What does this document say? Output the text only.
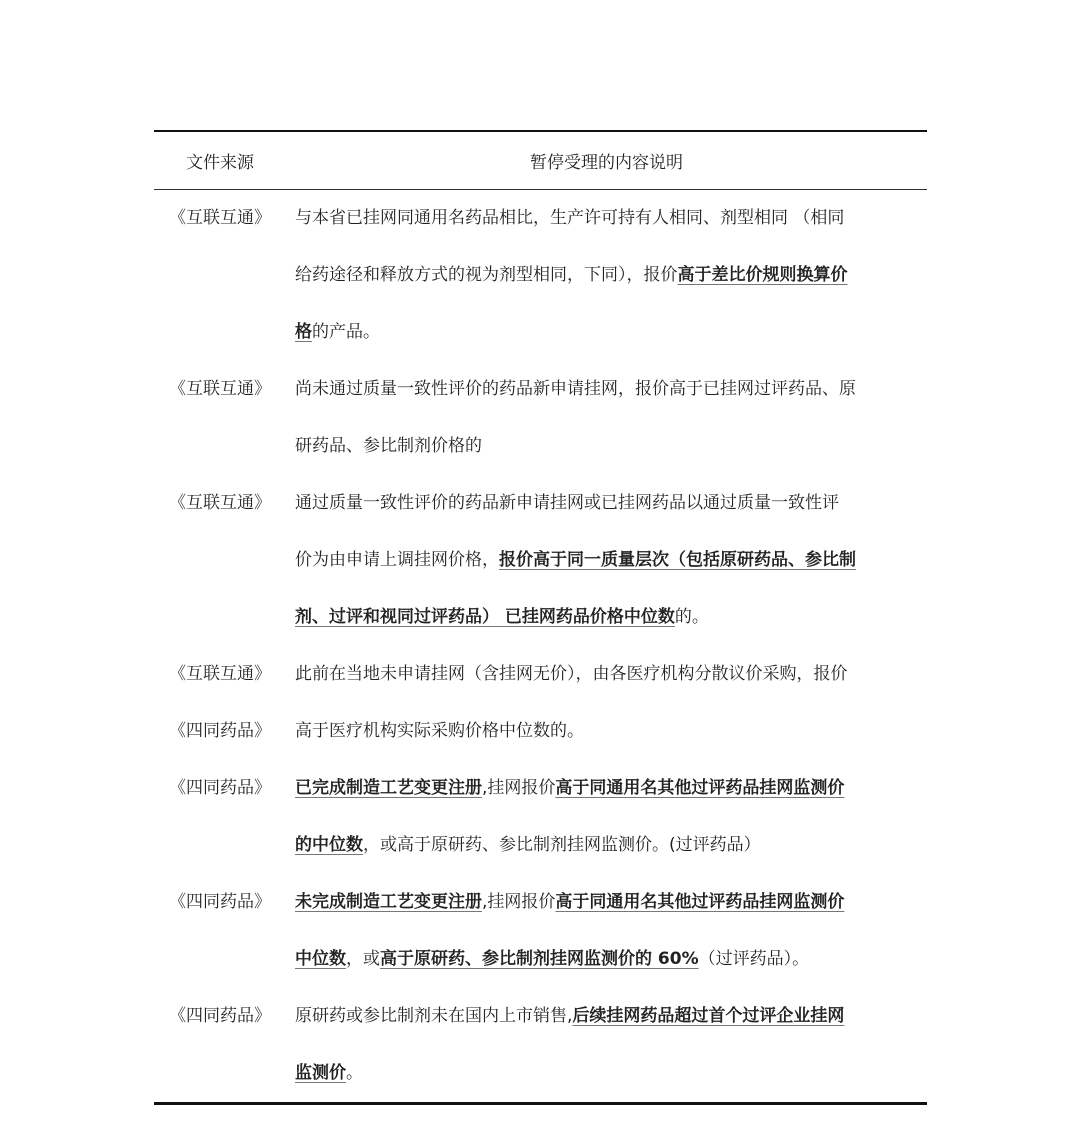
文件来源	暂停受理的内容说明
《互联互通》	与本省已挂网同通用名药品相比，生产许可持有人相同、剂型相同 （相同
给药途径和释放方式的视为剂型相同，下同），报价高于差比价规则换算价
格的产品。
《互联互通》	尚未通过质量一致性评价的药品新申请挂网，报价高于已挂网过评药品、原
研药品、参比制剂价格的
《互联互通》	通过质量一致性评价的药品新申请挂网或已挂网药品以通过质量一致性评
价为由申请上调挂网价格，报价高于同一质量层次（包括原研药品、参比制
剂、过评和视同过评药品） 已挂网药品价格中位数的。
《互联互通》	此前在当地未申请挂网（含挂网无价），由各医疗机构分散议价采购，报价
《四同药品》	高于医疗机构实际采购价格中位数的。
《四同药品》	已完成制造工艺变更注册,挂网报价高于同通用名其他过评药品挂网监测价
的中位数，或高于原研药、参比制剂挂网监测价。(过评药品）
《四同药品》	未完成制造工艺变更注册,挂网报价高于同通用名其他过评药品挂网监测价
中位数，或高于原研药、参比制剂挂网监测价的 60%（过评药品）。
《四同药品》	原研药或参比制剂未在国内上市销售,后续挂网药品超过首个过评企业挂网
监测价。
